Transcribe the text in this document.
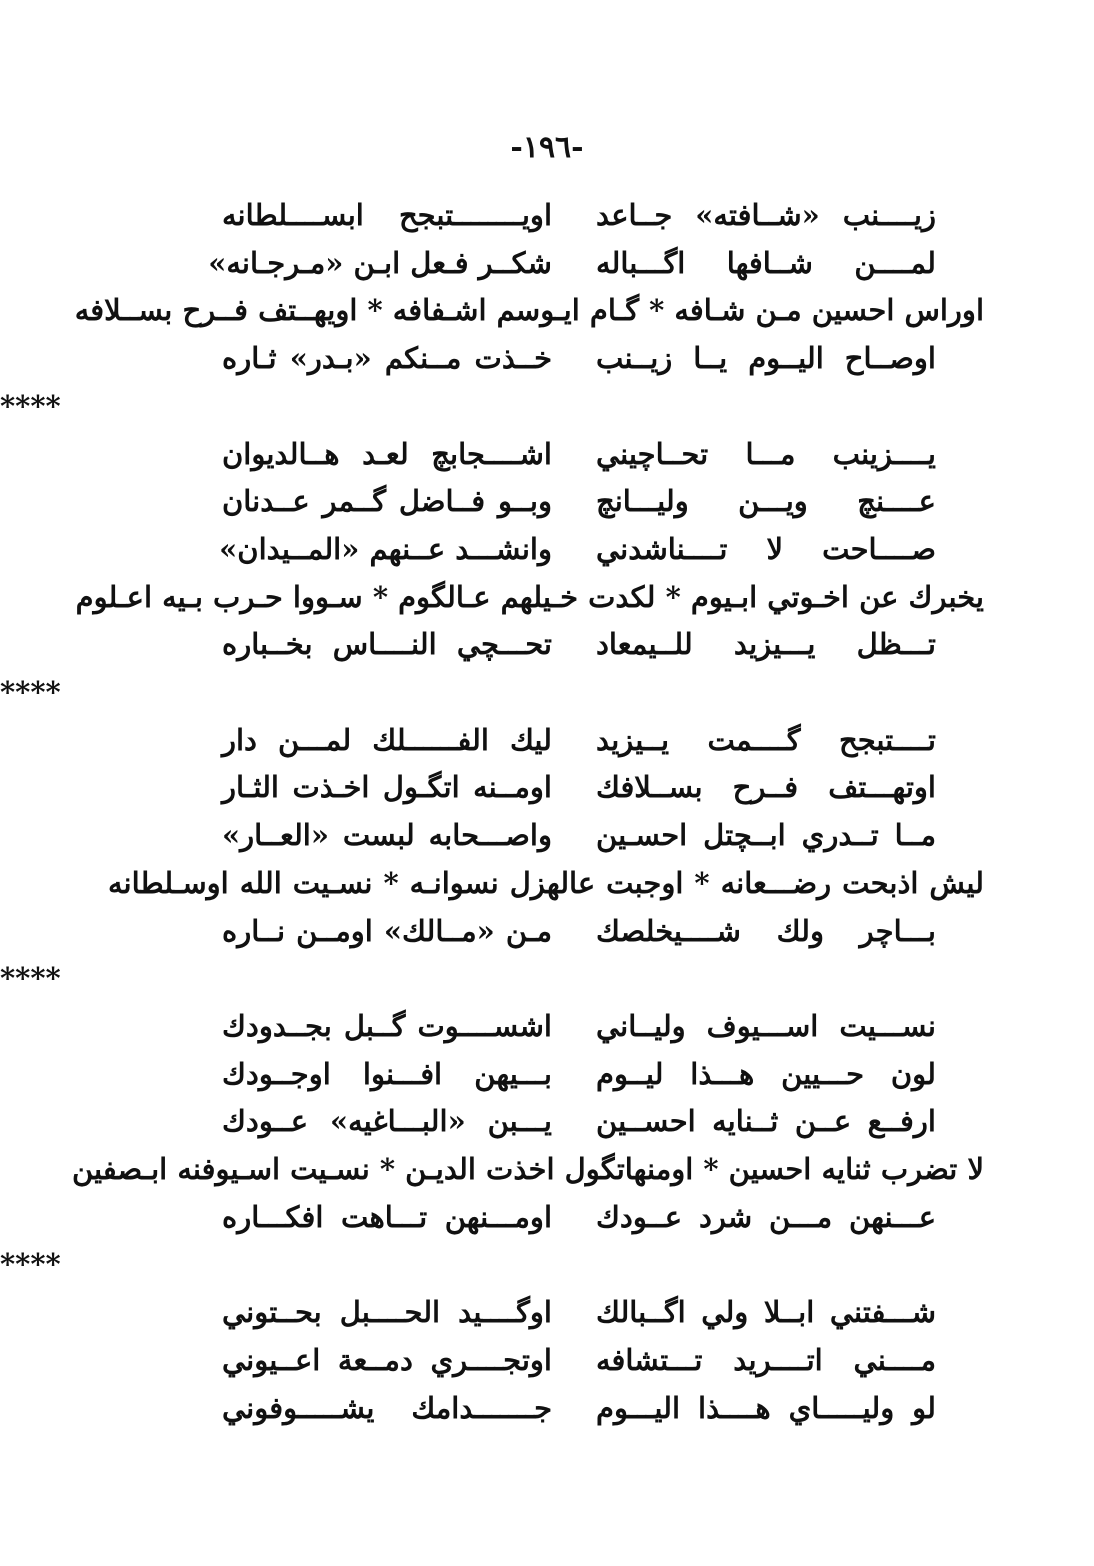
-١٩٦-
زيــــنب «شــافته» جــاعد
اويــــــــتبجح ابســــلطانه
لمــــن شــافها اگـــباله
شكــر فـعل ابـن «مـرجـانه»
اوراس احسين مـن شـافه * گـام ايـوسم اشـفافه * اويهــتف فــرح بســلافه
اوصــاح اليــوم يــا زيــنب
خــذت مــنكم «بـدر» ثـاره
****
يــــزينب مـــا تحــاچيني
اشــــجابچ لعـد هــالديوان
عــــنچ ويـــن وليـــانچ
وبــو فــاضل گــمر عــدنان
صــــاحت لا تــــناشدني
وانشـــد عــنهم «المــيدان»
يخبرك عن اخـوتي ابـيوم * لكدت خـيلهم عـالگوم * سـووا حـرب بـيه اعـلوم
تـــظل يـــيزيد للــيمعاد
تحـــچي النــــاس بخــباره
****
تــــتبجح گــــمت يــيزيد
ليك الفــــــلك لمـــن دار
اوتهـــتف فــرح بســلافك
اومــنه اتگـول اخـذت الثـار
مــا تــدري ابــچتل احسـين
واصـــحابه لبست «العــار»
ليش اذبحت رضـــعانه * اوجبت عالهزل نسوانـه * نسـيت الله اوسـلطانه
بـــاچر ولك شــــيخلصك
مـن «مــالك» اومــن نــاره
****
نســـيت اســـيوف وليــاني
اشســــوت گــبل بجــدودك
لون حـــيين هـــذا ليــوم
بـــيهن افـــنوا اوجــودك
ارفــع عــن ثــنايه احســين
يـــبن «البـــاغيه» عــودك
لا تضرب ثنايه احسين * اومنهاتگول اخذت الديـن * نسـيت اسـيوفنه ابـصفين
عـــنهن مـــن شرد عــودك
اومـــنهن تـــاهت افكـــاره
****
شـــفتني ابــلا ولي اگــبالك
اوگــــيد الحــــبل بحــتوني
مــــني اتــــريد تـــتشافه
اوتجــــري دمــعة اعــيوني
لو وليـــــاي هــــذا اليـــوم
جـــــــدامك يشـــــوفوني
